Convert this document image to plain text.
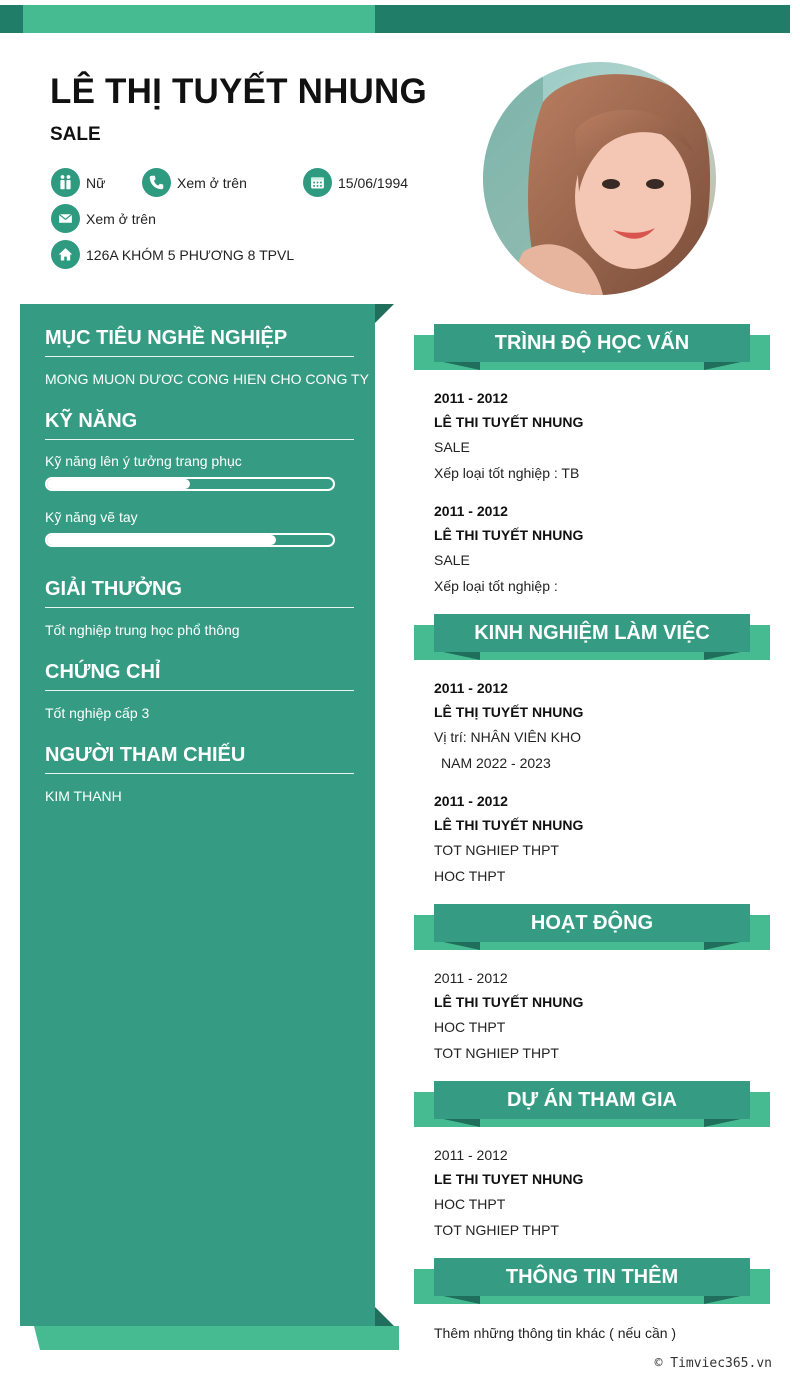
LÊ THỊ TUYẾT NHUNG
SALE
Nữ	Xem ở trên	15/06/1994
Xem ở trên
126A KHÓM 5 PHƯƠNG 8 TPVL
MỤC TIÊU NGHỀ NGHIỆP
MONG MUON DƯƠC CONG HIEN CHO CONG TY
KỸ NĂNG
Kỹ năng lên ý tưởng trang phục
Kỹ năng vẽ tay
GIẢI THƯỞNG
Tốt nghiệp trung học phổ thông
CHỨNG CHỈ
Tốt nghiệp cấp 3
NGƯỜI THAM CHIẾU
KIM THANH
TRÌNH ĐỘ HỌC VẤN
2011 - 2012
LÊ THI TUYẾT NHUNG
SALE
Xếp loại tốt nghiệp : TB
2011 - 2012
LÊ THI TUYẾT NHUNG
SALE
Xếp loại tốt nghiệp :
KINH NGHIỆM LÀM VIỆC
2011 - 2012
LÊ THỊ TUYẾT NHUNG
Vị trí: NHÂN VIÊN KHO
NAM 2022 - 2023
2011 - 2012
LÊ THI TUYẾT NHUNG
TOT NGHIEP THPT
HOC THPT
HOẠT ĐỘNG
2011 - 2012
LÊ THI TUYẾT NHUNG
HOC THPT
TOT NGHIEP THPT
DỰ ÁN THAM GIA
2011 - 2012
LE THI TUYET NHUNG
HOC THPT
TOT NGHIEP THPT
THÔNG TIN THÊM
Thêm những thông tin khác ( nếu cần )
© Timviec365.vn
